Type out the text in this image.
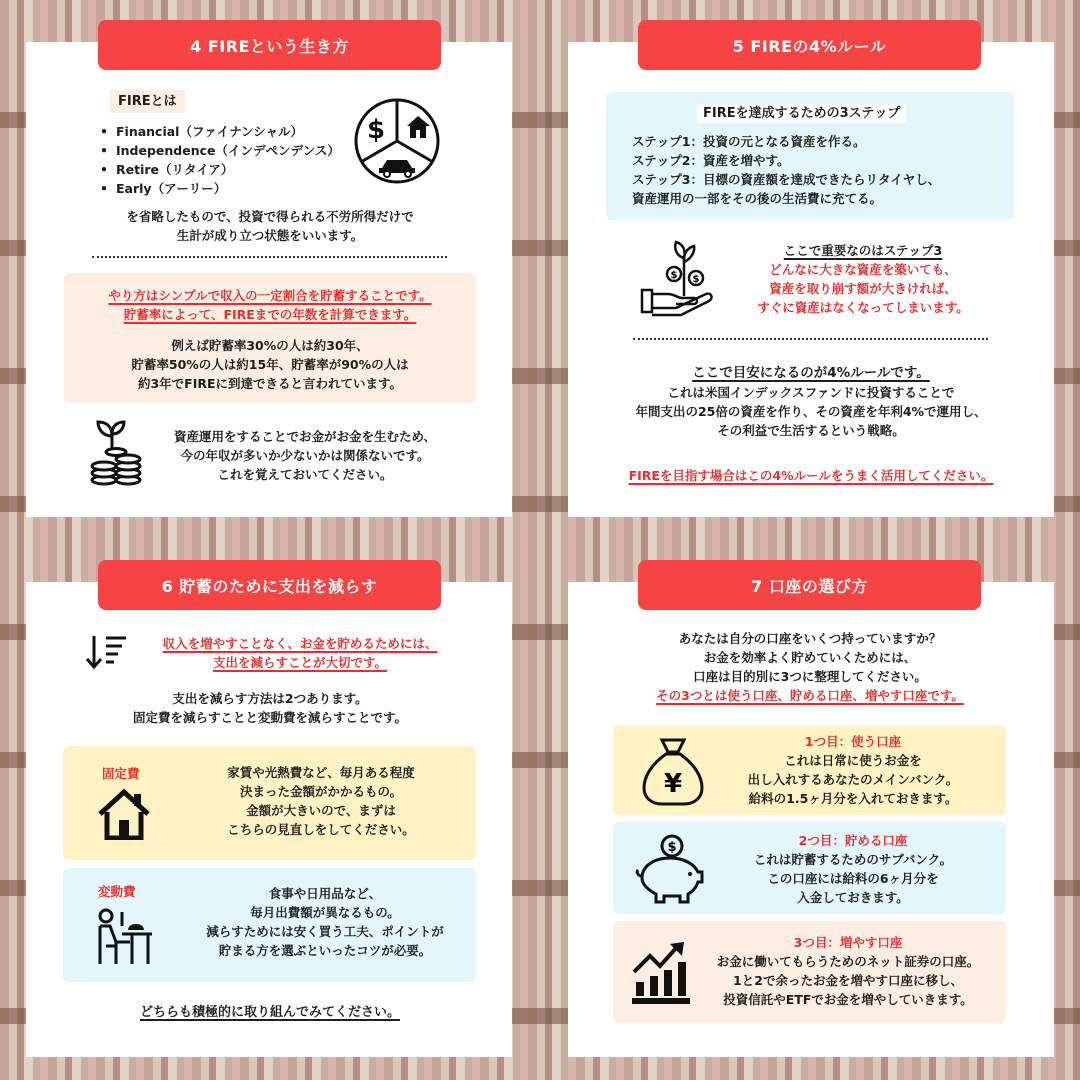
4 FIREという生き方
FIREとは
• Financial（ファイナンシャル）
• Independence（インデペンデンス）
• Retire（リタイア）
• Early（アーリー）
$
を省略したもので、投資で得られる不労所得だけで
生計が成り立つ状態をいいます。
やり方はシンプルで収入の一定割合を貯蓄することです。
貯蓄率によって、FIREまでの年数を計算できます。
例えば貯蓄率30%の人は約30年、
貯蓄率50%の人は約15年、貯蓄率が90%の人は
約3年でFIREに到達できると言われています。
資産運用をすることでお金がお金を生むため、
今の年収が多いか少ないかは関係ないです。
これを覚えておいてください。
5 FIREの4%ルール
FIREを達成するための3ステップ
ステップ1：投資の元となる資産を作る。
ステップ2：資産を増やす。
ステップ3：目標の資産額を達成できたらリタイヤし、
資産運用の一部をその後の生活費に充てる。
$ $
ここで重要なのはステップ3
どんなに大きな資産を築いても、
資産を取り崩す額が大きければ、
すぐに資産はなくなってしまいます。
ここで目安になるのが4%ルールです。
これは米国インデックスファンドに投資することで
年間支出の25倍の資産を作り、その資産を年利4%で運用し、
その利益で生活するという戦略。
FIREを目指す場合はこの4%ルールをうまく活用してください。
6 貯蓄のために支出を減らす
収入を増やすことなく、お金を貯めるためには、
支出を減らすことが大切です。
支出を減らす方法は2つあります。
固定費を減らすことと変動費を減らすことです。
固定費	家賃や光熱費など、毎月ある程度
決まった金額がかかるもの。
金額が大きいので、まずは
こちらの見直しをしてください。
変動費	食事や日用品など、
毎月出費額が異なるもの。
減らすためには安く買う工夫、ポイントが
貯まる方を選ぶといったコツが必要。
どちらも積極的に取り組んでみてください。
7 口座の選び方
あなたは自分の口座をいくつ持っていますか？
お金を効率よく貯めていくためには、
口座は目的別に3つに整理してください。
その3つとは使う口座、貯める口座、増やす口座です。
¥
1つ目：使う口座
これは日常に使うお金を
出し入れするあなたのメインバンク。
給料の1.5ヶ月分を入れておきます。
$	2つ目：貯める口座
これは貯蓄するためのサブバンク。
この口座には給料の6ヶ月分を
入金しておきます。
3つ目：増やす口座
お金に働いてもらうためのネット証券の口座。
1と2で余ったお金を増やす口座に移し、
投資信託やETFでお金を増やしていきます。
